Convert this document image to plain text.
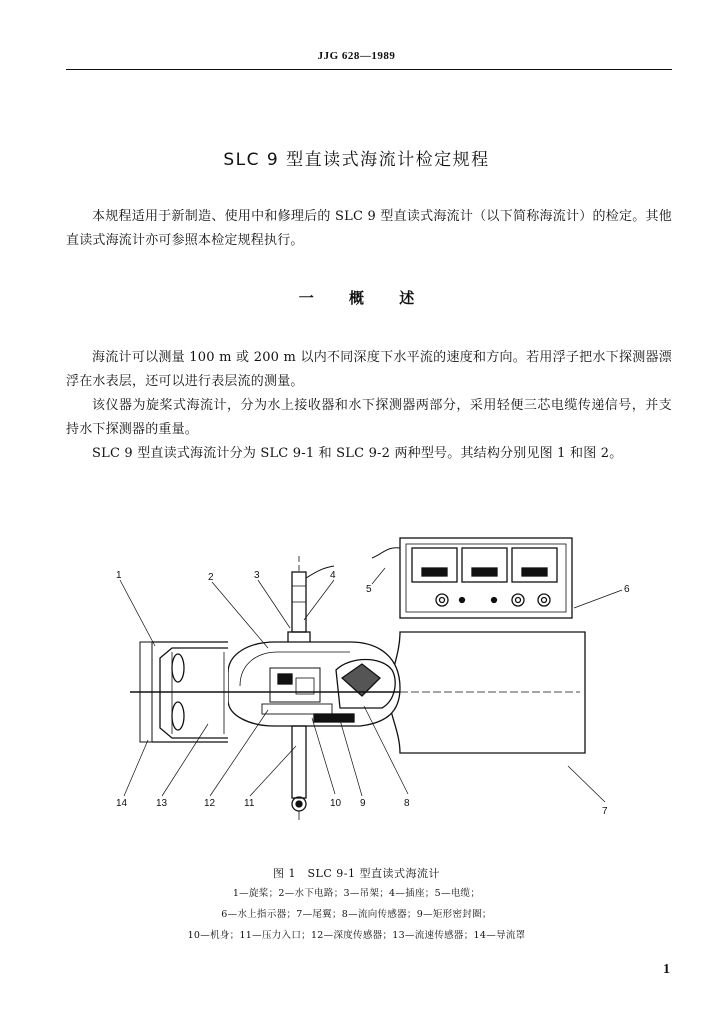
JJG 628—1989
SLC 9 型直读式海流计检定规程

本规程适用于新制造、使用中和修理后的 SLC 9 型直读式海流计（以下简称海流计）的检定。其他直读式海流计亦可参照本检定规程执行。

一 概 述

海流计可以测量 100 m 或 200 m 以内不同深度下水平流的速度和方向。若用浮子把水下探测器漂浮在水表层，还可以进行表层流的测量。

该仪器为旋桨式海流计，分为水上接收器和水下探测器两部分，采用轻便三芯电缆传递信号，并支持水下探测器的重量。

SLC 9 型直读式海流计分为 SLC 9-1 和 SLC 9-2 两种型号。其结构分别见图 1 和图 2。

1	2	3	4
5	6
7
8
9
10
11
12
13
14
图 1　SLC 9-1 型直读式海流计
1—旋桨；2—水下电路；3—吊架；4—插座；5—电缆；
6—水上指示器；7—尾翼；8—流向传感器；9—矩形密封圈；
10—机身；11—压力入口；12—深度传感器；13—流速传感器；14—导流罩
1
